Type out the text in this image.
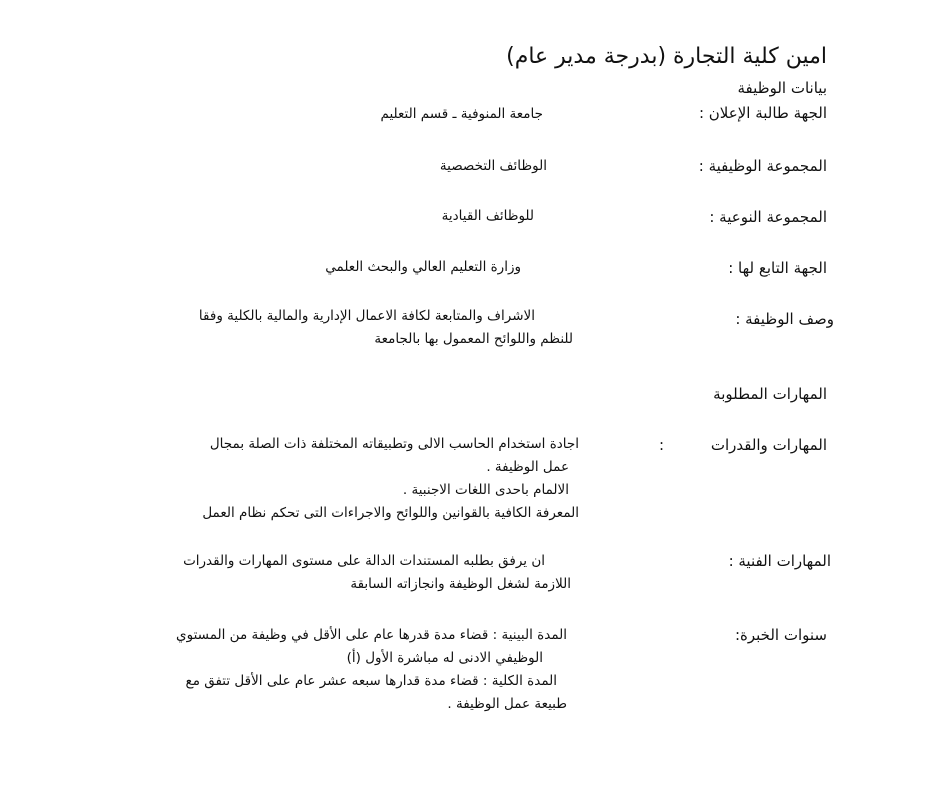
امين كلية التجارة (بدرجة مدير عام)
بيانات الوظيفة
الجهة طالبة الإعلان :
جامعة المنوفية ـ قسم التعليم
المجموعة الوظيفية :
الوظائف التخصصية
المجموعة النوعية :
للوظائف القيادية
الجهة التابع لها :
وزارة التعليم العالي والبحث العلمي
وصف الوظيفة :
الاشراف والمتابعة لكافة الاعمال الإدارية والمالية بالكلية وفقا
للنظم واللوائح المعمول بها بالجامعة
المهارات المطلوبة
المهارات والقدرات
:
اجادة استخدام الحاسب الالى وتطبيقاته المختلفة ذات الصلة بمجال
عمل الوظيفة .
الالمام باحدى اللغات الاجنبية .
المعرفة الكافية بالقوانين واللوائح والاجراءات التى تحكم نظام العمل
المهارات الفنية :
ان يرفق بطلبه المستندات الدالة على مستوى المهارات والقدرات
اللازمة لشغل الوظيفة وانجازاته السابقة
سنوات الخبرة:
المدة البينية : قضاء مدة قدرها عام على الأقل في وظيفة من المستوي
الوظيفي الادنى له مباشرة الأول (أ)
المدة الكلية : قضاء مدة قدارها سبعه عشر عام على الأقل تتفق مع
طبيعة عمل الوظيفة .
